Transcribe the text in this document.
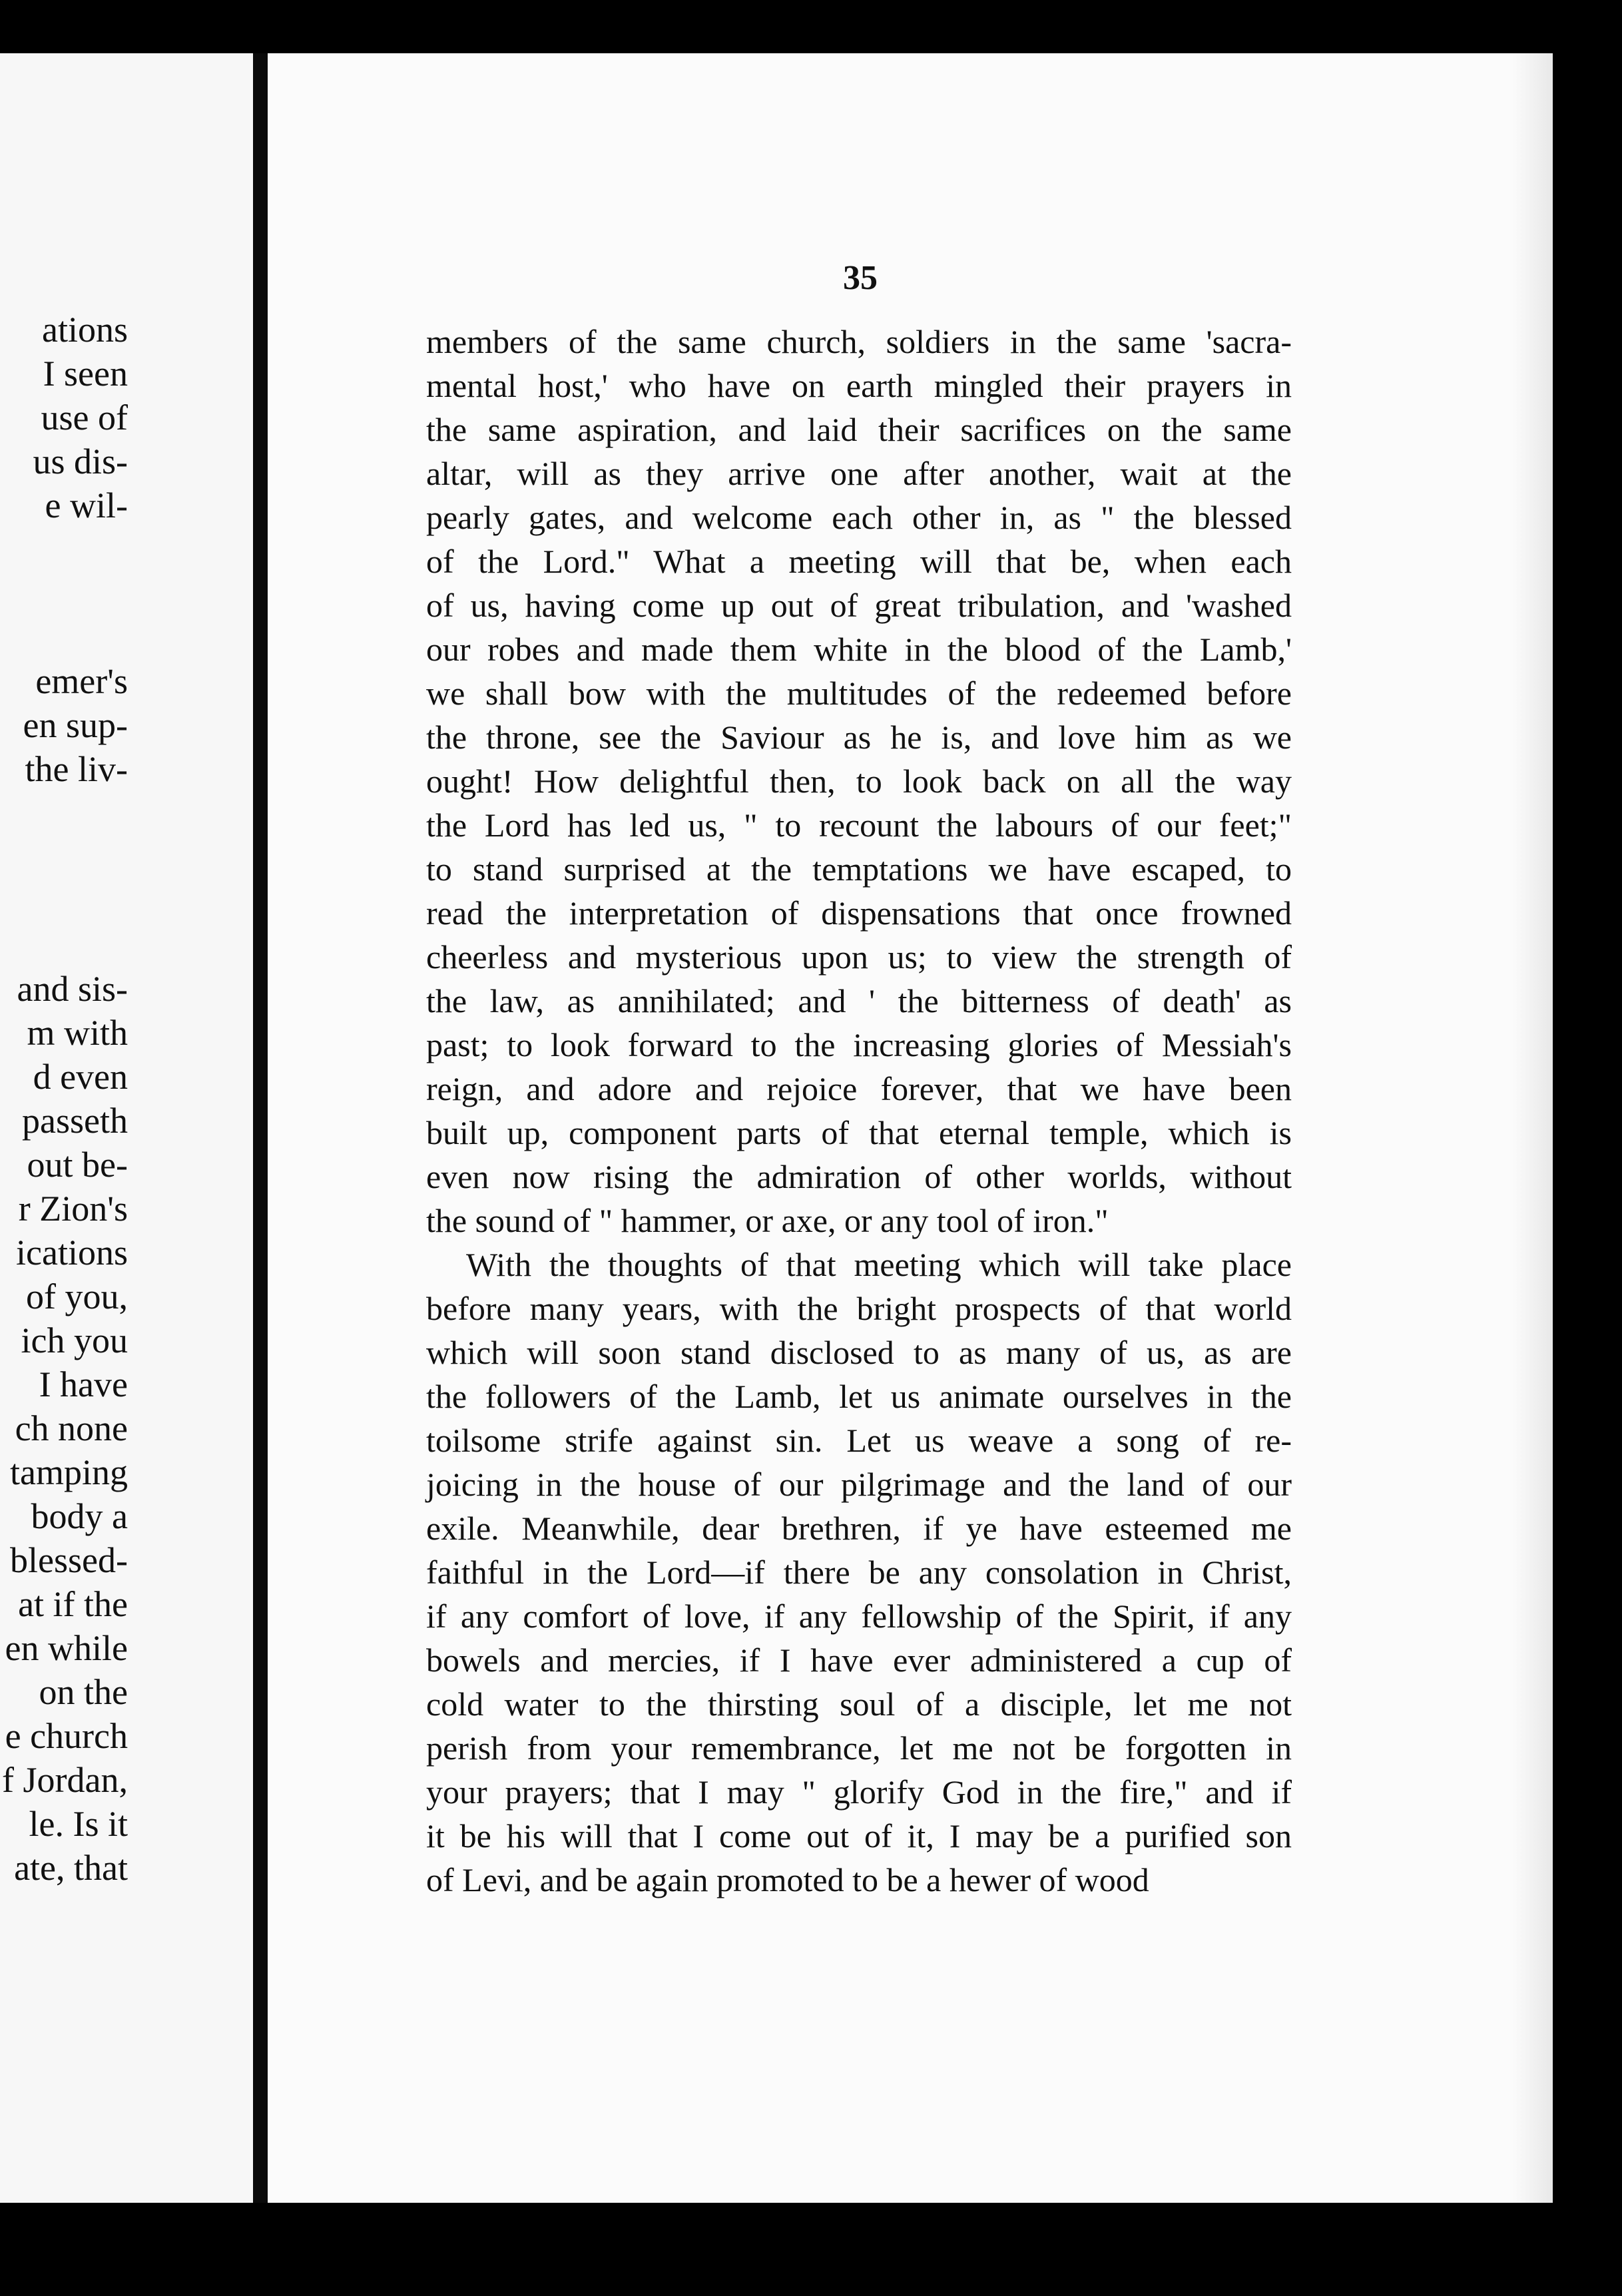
ations
I seen
use of
us dis-
e wil-
emer's
en sup-
the liv-
and sis-
m with
d even
passeth
out be-
r Zion's
ications
of you,
ich you
I have
ch none
tamping
body a
blessed-
at if the
en while
on the
e church
f Jordan,
le. Is it
ate, that
35
members of the same church, soldiers in the same 'sacra-
mental host,' who have on earth mingled their prayers in
the same aspiration, and laid their sacrifices on the same
altar, will as they arrive one after another, wait at the
pearly gates, and welcome each other in, as " the blessed
of the Lord." What a meeting will that be, when each
of us, having come up out of great tribulation, and 'washed
our robes and made them white in the blood of the Lamb,'
we shall bow with the multitudes of the redeemed before
the throne, see the Saviour as he is, and love him as we
ought! How delightful then, to look back on all the way
the Lord has led us, " to recount the labours of our feet;"
to stand surprised at the temptations we have escaped, to
read the interpretation of dispensations that once frowned
cheerless and mysterious upon us; to view the strength of
the law, as annihilated; and ' the bitterness of death' as
past; to look forward to the increasing glories of Messiah's
reign, and adore and rejoice forever, that we have been
built up, component parts of that eternal temple, which is
even now rising the admiration of other worlds, without
the sound of " hammer, or axe, or any tool of iron."
With the thoughts of that meeting which will take place
before many years, with the bright prospects of that world
which will soon stand disclosed to as many of us, as are
the followers of the Lamb, let us animate ourselves in the
toilsome strife against sin. Let us weave a song of re-
joicing in the house of our pilgrimage and the land of our
exile. Meanwhile, dear brethren, if ye have esteemed me
faithful in the Lord—if there be any consolation in Christ,
if any comfort of love, if any fellowship of the Spirit, if any
bowels and mercies, if I have ever administered a cup of
cold water to the thirsting soul of a disciple, let me not
perish from your remembrance, let me not be forgotten in
your prayers; that I may " glorify God in the fire," and if
it be his will that I come out of it, I may be a purified son
of Levi, and be again promoted to be a hewer of wood
